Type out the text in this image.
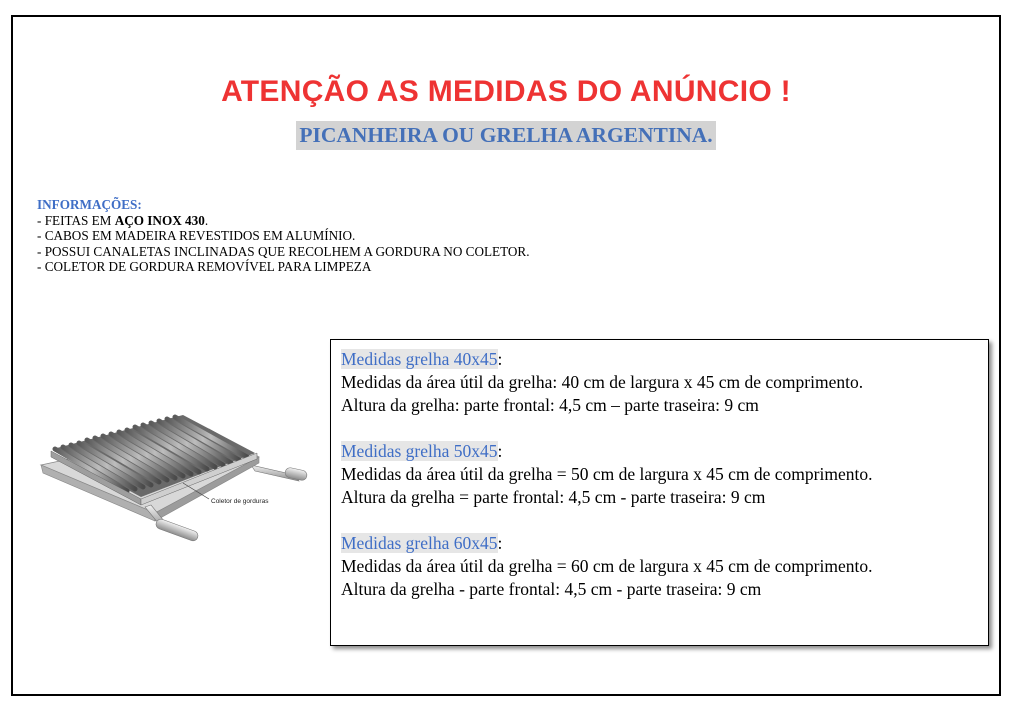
ATENÇÃO AS MEDIDAS DO ANÚNCIO !
PICANHEIRA OU GRELHA ARGENTINA.
INFORMAÇÕES:
- FEITAS EM AÇO INOX 430.
- CABOS EM MADEIRA REVESTIDOS EM ALUMÍNIO.
- POSSUI CANALETAS INCLINADAS QUE RECOLHEM A GORDURA NO COLETOR.
- COLETOR DE GORDURA REMOVÍVEL PARA LIMPEZA
Coletor de gorduras
Medidas grelha 40x45:
Medidas da área útil da grelha: 40 cm de largura x 45 cm de comprimento.
Altura da grelha: parte frontal: 4,5 cm – parte traseira: 9 cm
Medidas grelha 50x45:
Medidas da área útil da grelha = 50 cm de largura x 45 cm de comprimento.
Altura da grelha = parte frontal: 4,5 cm - parte traseira: 9 cm
Medidas grelha 60x45:
Medidas da área útil da grelha = 60 cm de largura x 45 cm de comprimento.
Altura da grelha - parte frontal: 4,5 cm - parte traseira: 9 cm
